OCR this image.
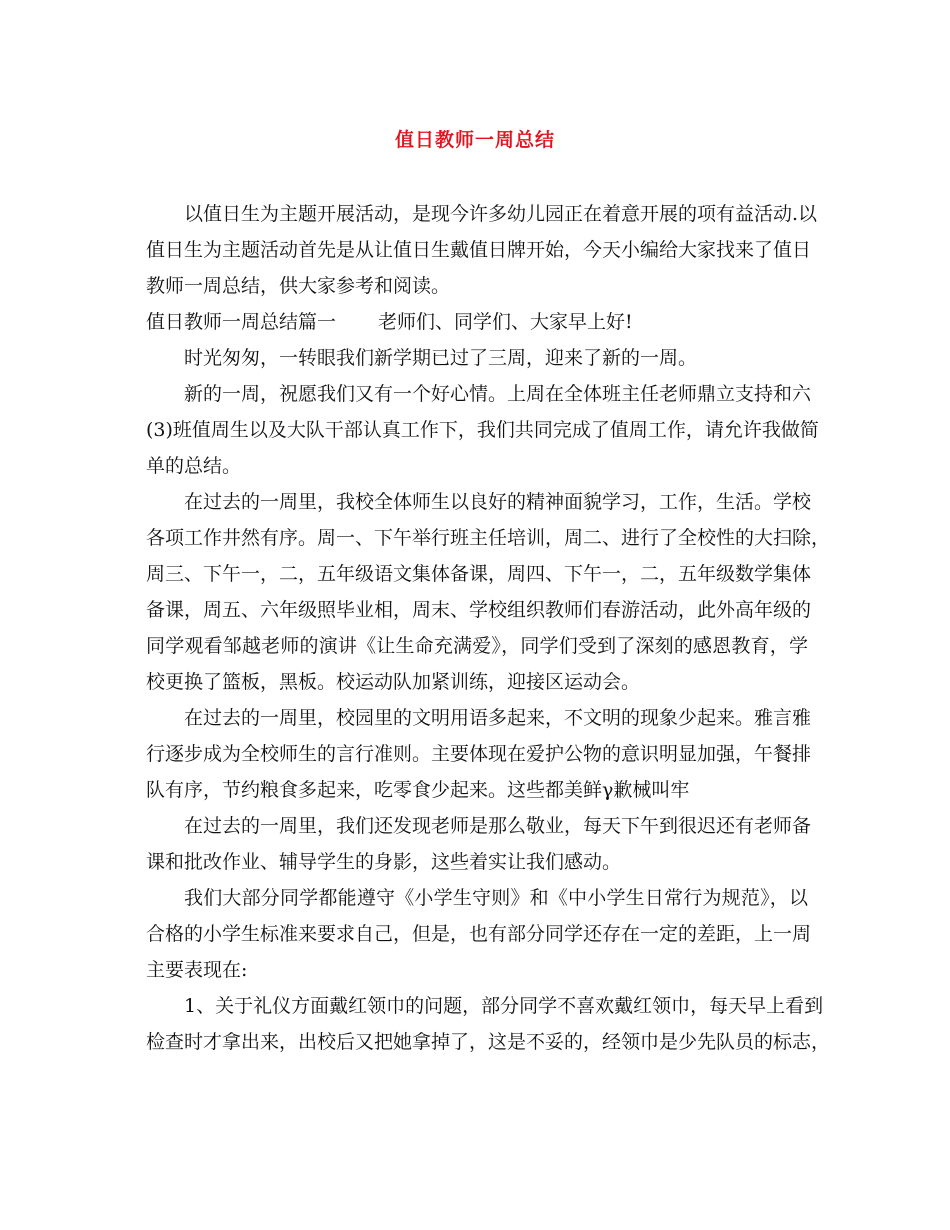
值日教师一周总结
以值日生为主题开展活动，是现今许多幼儿园正在着意开展的项有益活动.以
值日生为主题活动首先是从让值日生戴值日牌开始，今天小编给大家找来了值日
教师一周总结，供大家参考和阅读。
值日教师一周总结篇一 老师们、同学们、大家早上好!
时光匆匆，一转眼我们新学期已过了三周，迎来了新的一周。
新的一周，祝愿我们又有一个好心情。上周在全体班主任老师鼎立支持和六
(3)班值周生以及大队干部认真工作下，我们共同完成了值周工作，请允许我做简
单的总结。
在过去的一周里，我校全体师生以良好的精神面貌学习，工作，生活。学校
各项工作井然有序。周一、下午举行班主任培训，周二、进行了全校性的大扫除，
周三、下午一，二，五年级语文集体备课，周四、下午一，二，五年级数学集体
备课，周五、六年级照毕业相，周末、学校组织教师们春游活动，此外高年级的
同学观看邹越老师的演讲《让生命充满爱》，同学们受到了深刻的感恩教育，学
校更换了篮板，黑板。校运动队加紧训练，迎接区运动会。
在过去的一周里，校园里的文明用语多起来，不文明的现象少起来。雅言雅
行逐步成为全校师生的言行准则。主要体现在爱护公物的意识明显加强，午餐排
队有序，节约粮食多起来，吃零食少起来。这些都美鲜γ歉械叫牢
在过去的一周里，我们还发现老师是那么敬业，每天下午到很迟还有老师备
课和批改作业、辅导学生的身影，这些着实让我们感动。
我们大部分同学都能遵守《小学生守则》和《中小学生日常行为规范》，以
合格的小学生标准来要求自己，但是，也有部分同学还存在一定的差距，上一周
主要表现在:
1、关于礼仪方面戴红领巾的问题，部分同学不喜欢戴红领巾，每天早上看到
检查时才拿出来，出校后又把她拿掉了，这是不妥的，经领巾是少先队员的标志，
